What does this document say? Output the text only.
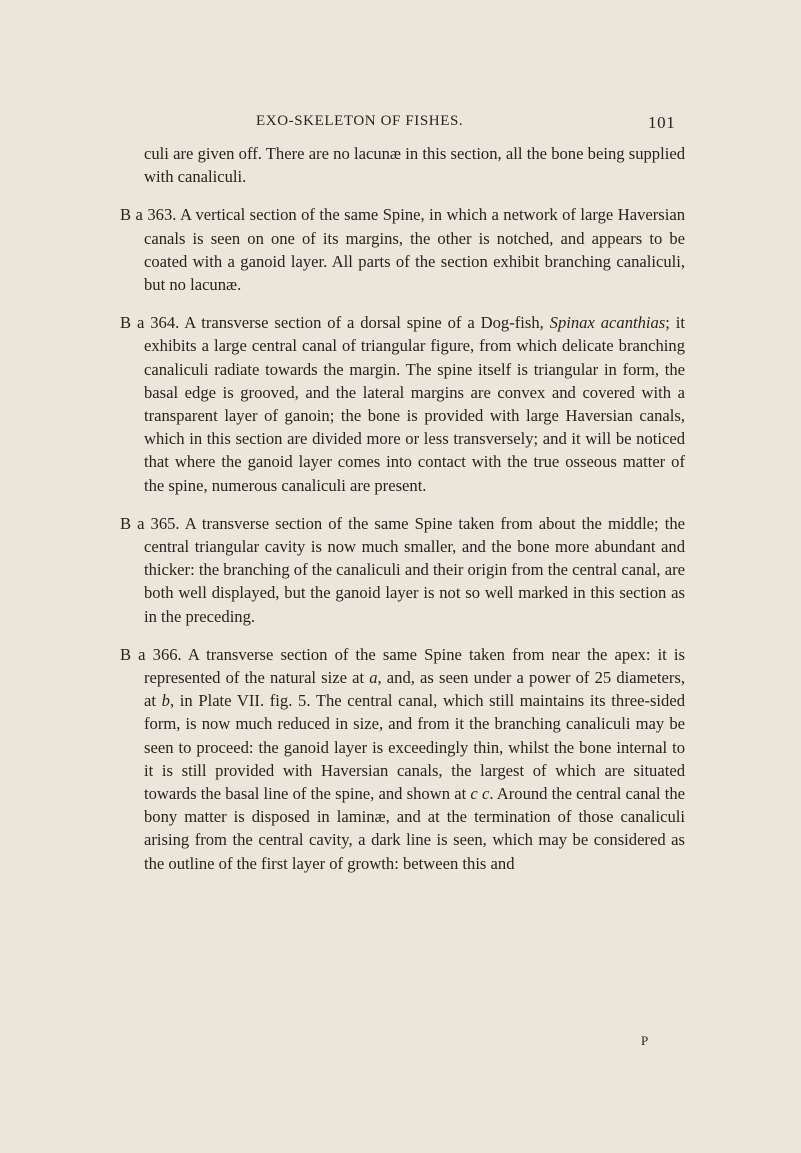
EXO-SKELETON OF FISHES.	101

culi are given off. There are no lacunæ in this section, all the bone being supplied with canaliculi.

B a 363. A vertical section of the same Spine, in which a network of large Haversian canals is seen on one of its margins, the other is notched, and appears to be coated with a ganoid layer. All parts of the section exhibit branching canaliculi, but no lacunæ.

B a 364. A transverse section of a dorsal spine of a Dog-fish, Spinax acanthias; it exhibits a large central canal of triangular figure, from which delicate branching canaliculi radiate towards the margin. The spine itself is triangular in form, the basal edge is grooved, and the lateral margins are convex and covered with a transparent layer of ganoin; the bone is provided with large Haversian canals, which in this section are divided more or less transversely; and it will be noticed that where the ganoid layer comes into contact with the true osseous matter of the spine, numerous canaliculi are present.

B a 365. A transverse section of the same Spine taken from about the middle; the central triangular cavity is now much smaller, and the bone more abundant and thicker: the branching of the canaliculi and their origin from the central canal, are both well displayed, but the ganoid layer is not so well marked in this section as in the preceding.

B a 366. A transverse section of the same Spine taken from near the apex: it is represented of the natural size at a, and, as seen under a power of 25 diameters, at b, in Plate VII. fig. 5. The central canal, which still maintains its three-sided form, is now much reduced in size, and from it the branching canaliculi may be seen to proceed: the ganoid layer is exceedingly thin, whilst the bone internal to it is still provided with Haversian canals, the largest of which are situated towards the basal line of the spine, and shown at c c. Around the central canal the bony matter is disposed in laminæ, and at the termination of those canaliculi arising from the central cavity, a dark line is seen, which may be considered as the outline of the first layer of growth: between this and

P
